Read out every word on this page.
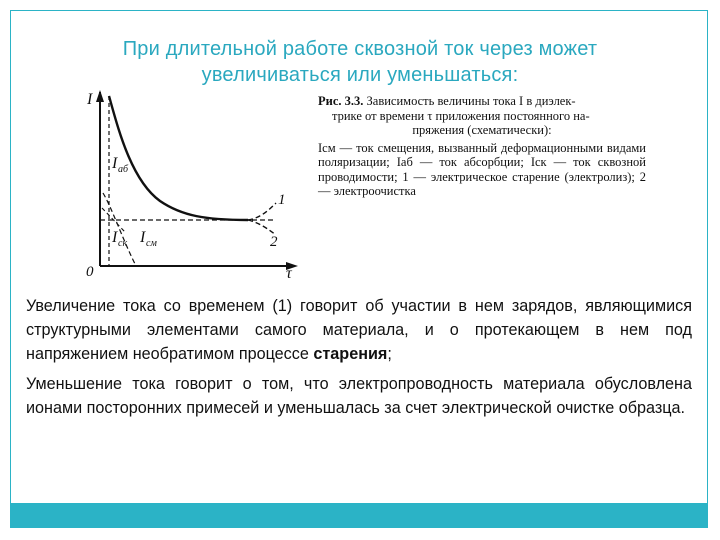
При длительной работе сквозной ток через может
увеличиваться или уменьшаться:
I
0	τ
1
2
I аб
I ск I см

Рис. 3.3. Зависимость величины тока I в диэлек-
трике от времени τ приложения постоянного на-
пряжения (схематически):

Iсм — ток смещения, вызванный деформационными видами поляризации; Iаб — ток абсорбции; Iск — ток сквозной проводимости; 1 — электрическое старение (электролиз); 2 — электроочистка

Увеличение тока со временем (1) говорит об участии в нем зарядов, являющимися структурными элементами самого материала, и о протекающем в нем под напряжением необратимом процессе старения;

Уменьшение тока говорит о том, что электропроводность материала обусловлена ионами посторонних примесей и уменьшалась за счет электрической очистке образца.
